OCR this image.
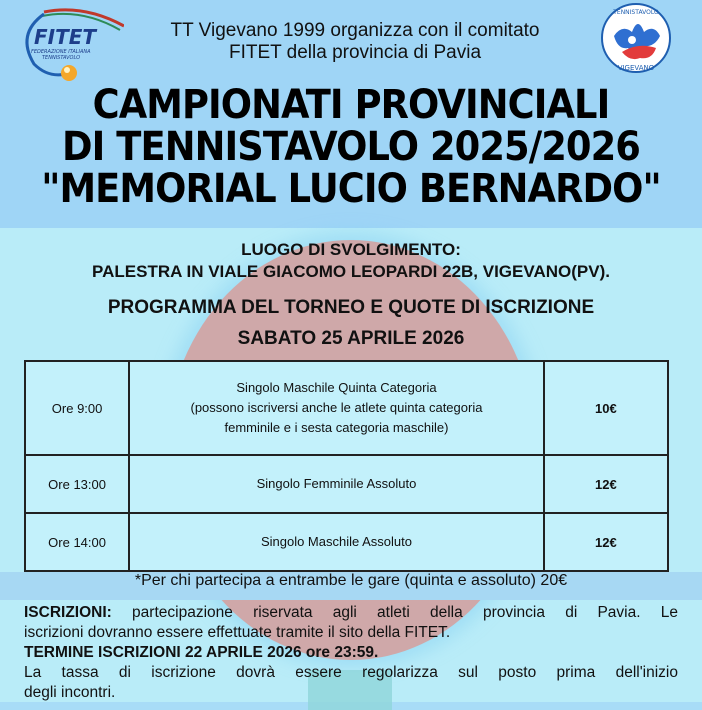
FITET
FEDERAZIONE ITALIANA
TENNISTAVOLO
TENNISTAVOLO
VIGEVANO
TT Vigevano 1999 organizza con il comitato
FITET della provincia di Pavia
CAMPIONATI PROVINCIALI
DI TENNISTAVOLO 2025/2026
"MEMORIAL LUCIO BERNARDO"
LUOGO DI SVOLGIMENTO:
PALESTRA IN VIALE GIACOMO LEOPARDI 22B, VIGEVANO(PV).
PROGRAMMA DEL TORNEO E QUOTE DI ISCRIZIONE
SABATO 25 APRILE 2026
Ore 9:00	Singolo Maschile Quinta Categoria
(possono iscriversi anche le atlete quinta categoria
femminile e i sesta categoria maschile)	10€
Ore 13:00	Singolo Femminile Assoluto	12€
Ore 14:00	Singolo Maschile Assoluto	12€
*Per chi partecipa a entrambe le gare (quinta e assoluto) 20€
ISCRIZIONI: partecipazione riservata agli atleti della provincia di Pavia. Le
iscrizioni dovranno essere effettuate tramite il sito della FITET.
TERMINE ISCRIZIONI 22 APRILE 2026 ore 23:59.
La tassa di iscrizione dovrà essere regolarizza sul posto prima dell'inizio
degli incontri.
